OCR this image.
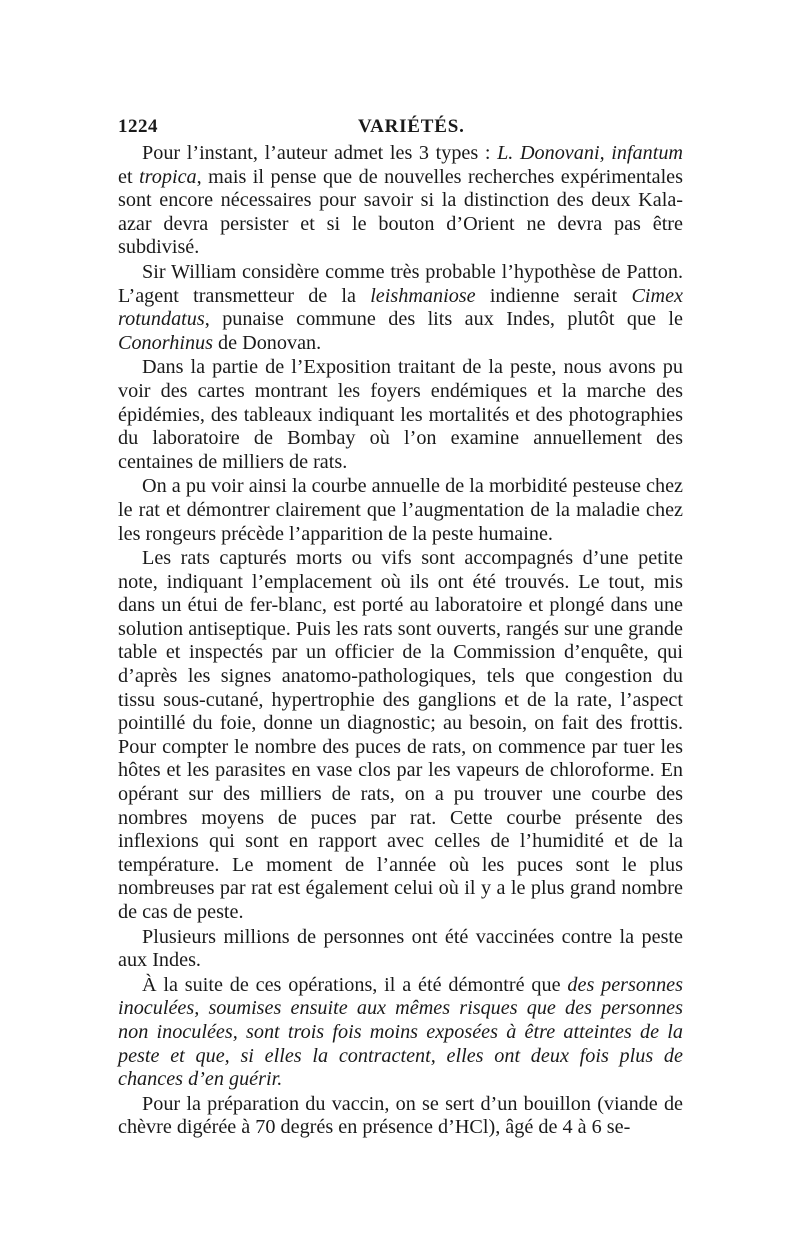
1224	VARIÉTÉS.

Pour l’instant, l’auteur admet les 3 types : L. Donovani, infantum et tropica, mais il pense que de nouvelles recherches expérimentales sont encore nécessaires pour savoir si la distinction des deux Kala-azar devra persister et si le bouton d’Orient ne devra pas être subdivisé.

Sir William considère comme très probable l’hypothèse de Patton. L’agent transmetteur de la leishmaniose indienne serait Cimex rotundatus, punaise commune des lits aux Indes, plutôt que le Conorhinus de Donovan.

Dans la partie de l’Exposition traitant de la peste, nous avons pu voir des cartes montrant les foyers endémiques et la marche des épidémies, des tableaux indiquant les mortalités et des photographies du laboratoire de Bombay où l’on examine annuellement des centaines de milliers de rats.

On a pu voir ainsi la courbe annuelle de la morbidité pesteuse chez le rat et démontrer clairement que l’augmentation de la maladie chez les rongeurs précède l’apparition de la peste humaine.

Les rats capturés morts ou vifs sont accompagnés d’une petite note, indiquant l’emplacement où ils ont été trouvés. Le tout, mis dans un étui de fer-blanc, est porté au laboratoire et plongé dans une solution antiseptique. Puis les rats sont ouverts, rangés sur une grande table et inspectés par un officier de la Commission d’enquête, qui d’après les signes anatomo-pathologiques, tels que congestion du tissu sous-cutané, hypertrophie des ganglions et de la rate, l’aspect pointillé du foie, donne un diagnostic; au besoin, on fait des frottis. Pour compter le nombre des puces de rats, on commence par tuer les hôtes et les parasites en vase clos par les vapeurs de chloroforme. En opérant sur des milliers de rats, on a pu trouver une courbe des nombres moyens de puces par rat. Cette courbe présente des inflexions qui sont en rapport avec celles de l’humidité et de la température. Le moment de l’année où les puces sont le plus nombreuses par rat est également celui où il y a le plus grand nombre de cas de peste.

Plusieurs millions de personnes ont été vaccinées contre la peste aux Indes.

À la suite de ces opérations, il a été démontré que des personnes inoculées, soumises ensuite aux mêmes risques que des personnes non inoculées, sont trois fois moins exposées à être atteintes de la peste et que, si elles la contractent, elles ont deux fois plus de chances d’en guérir.

Pour la préparation du vaccin, on se sert d’un bouillon (viande de chèvre digérée à 70 degrés en présence d’HCl), âgé de 4 à 6 se-
